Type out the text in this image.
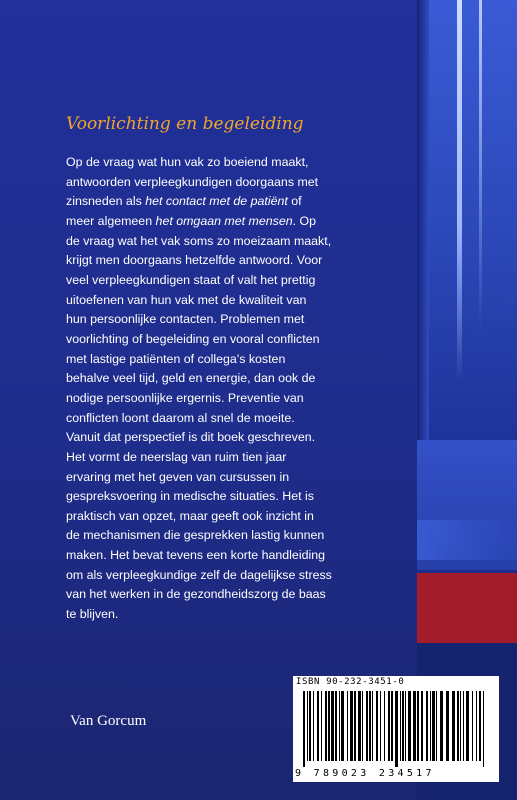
Voorlichting en begeleiding
Op de vraag wat hun vak zo boeiend maakt,
antwoorden verpleegkundigen doorgaans met
zinsneden als het contact met de patiënt of
meer algemeen het omgaan met mensen. Op
de vraag wat het vak soms zo moeizaam maakt,
krijgt men doorgaans hetzelfde antwoord. Voor
veel verpleegkundigen staat of valt het prettig
uitoefenen van hun vak met de kwaliteit van
hun persoonlijke contacten. Problemen met
voorlichting of begeleiding en vooral conflicten
met lastige patiënten of collega's kosten
behalve veel tijd, geld en energie, dan ook de
nodige persoonlijke ergernis. Preventie van
conflicten loont daarom al snel de moeite.
Vanuit dat perspectief is dit boek geschreven.
Het vormt de neerslag van ruim tien jaar
ervaring met het geven van cursussen in
gespreksvoering in medische situaties. Het is
praktisch van opzet, maar geeft ook inzicht in
de mechanismen die gesprekken lastig kunnen
maken. Het bevat tevens een korte handleiding
om als verpleegkundige zelf de dagelijkse stress
van het werken in de gezondheidszorg de baas
te blijven.
Van Gorcum
ISBN 90-232-3451-0
9 789023 234517
